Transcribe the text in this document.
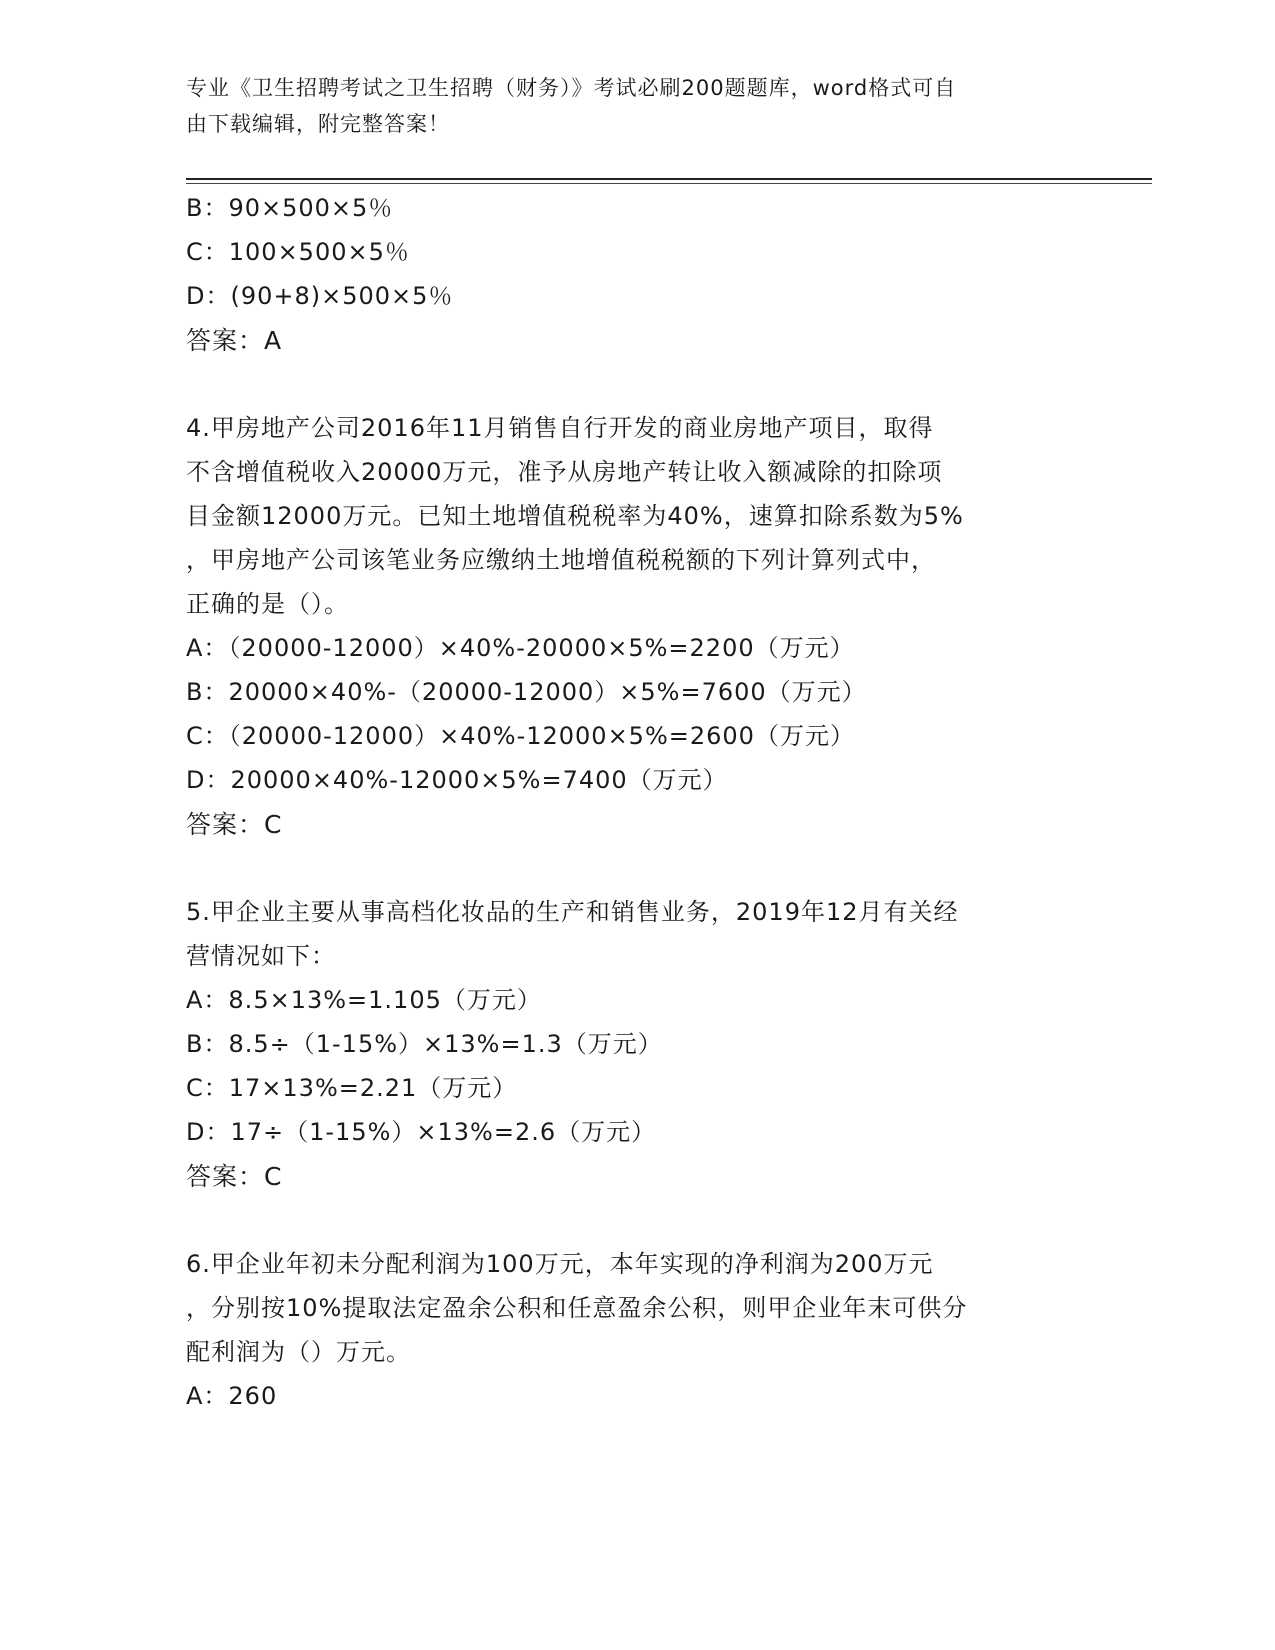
专业《卫生招聘考试之卫生招聘（财务）》考试必刷200题题库，word格式可自
由下载编辑，附完整答案！
B：90×500×5％
C：100×500×5％
D：(90+8)×500×5％
答案：A
4.甲房地产公司2016年11月销售自行开发的商业房地产项目，取得
不含增值税收入20000万元，准予从房地产转让收入额减除的扣除项
目金额12000万元。已知土地增值税税率为40%，速算扣除系数为5%
，甲房地产公司该笔业务应缴纳土地增值税税额的下列计算列式中，
正确的是（）。
A：（20000-12000）×40%-20000×5%=2200（万元）
B：20000×40%-（20000-12000）×5%=7600（万元）
C：（20000-12000）×40%-12000×5%=2600（万元）
D：20000×40%-12000×5%=7400（万元）
答案：C
5.甲企业主要从事高档化妆品的生产和销售业务，2019年12月有关经
营情况如下：
A：8.5×13%=1.105（万元）
B：8.5÷（1-15%）×13%=1.3（万元）
C：17×13%=2.21（万元）
D：17÷（1-15%）×13%=2.6（万元）
答案：C
6.甲企业年初未分配利润为100万元，本年实现的净利润为200万元
，分别按10%提取法定盈余公积和任意盈余公积，则甲企业年末可供分
配利润为（）万元。
A：260
